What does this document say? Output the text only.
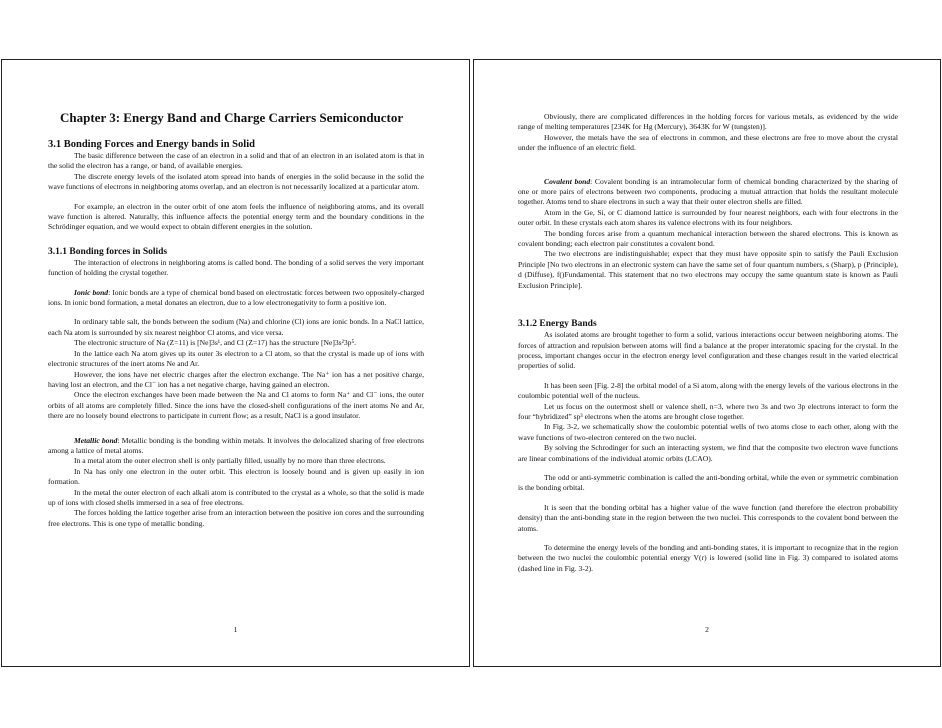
Chapter 3: Energy Band and Charge Carriers Semiconductor
3.1 Bonding Forces and Energy bands in Solid

The basic difference between the case of an electron in a solid and that of an electron in an isolated atom is that in the solid the electron has a range, or band, of available energies.

The discrete energy levels of the isolated atom spread into bands of energies in the solid because in the solid the wave functions of electrons in neighboring atoms overlap, and an electron is not necessarily localized at a particular atom.

For example, an electron in the outer orbit of one atom feels the influence of neighboring atoms, and its overall wave function is altered. Naturally, this influence affects the potential energy term and the boundary conditions in the Schrödinger equation, and we would expect to obtain different energies in the solution.

3.1.1 Bonding forces in Solids

The interaction of electrons in neighboring atoms is called bond. The bonding of a solid serves the very important function of holding the crystal together.

Ionic bond: Ionic bonds are a type of chemical bond based on electrostatic forces between two oppositely-charged ions. In ionic bond formation, a metal donates an electron, due to a low electronegativity to form a positive ion.

In ordinary table salt, the bonds between the sodium (Na) and chlorine (Cl) ions are ionic bonds. In a NaCl lattice, each Na atom is surrounded by six nearest neighbor Cl atoms, and vice versa.

The electronic structure of Na (Z=11) is [Ne]3s¹, and Cl (Z=17) has the structure [Ne]3s²3p⁵.

In the lattice each Na atom gives up its outer 3s electron to a Cl atom, so that the crystal is made up of ions with electronic structures of the inert atoms Ne and Ar.

However, the ions have net electric charges after the electron exchange. The Na⁺ ion has a net positive charge, having lost an electron, and the Cl⁻ ion has a net negative charge, having gained an electron.

Once the electron exchanges have been made between the Na and Cl atoms to form Na⁺ and Cl⁻ ions, the outer orbits of all atoms are completely filled. Since the ions have the closed-shell configurations of the inert atoms Ne and Ar, there are no loosely bound electrons to participate in current flow; as a result, NaCl is a good insulator.

Metallic bond: Metallic bonding is the bonding within metals. It involves the delocalized sharing of free electrons among a lattice of metal atoms.

In a metal atom the outer electron shell is only partially filled, usually by no more than three electrons.

In Na has only one electron in the outer orbit. This electron is loosely bound and is given up easily in ion formation.

In the metal the outer electron of each alkali atom is contributed to the crystal as a whole, so that the solid is made up of ions with closed shells immersed in a sea of free electrons.

The forces holding the lattice together arise from an interaction between the positive ion cores and the surrounding free electrons. This is one type of metallic bonding.

1

Obviously, there are complicated differences in the holding forces for various metals, as evidenced by the wide range of melting temperatures [234K for Hg (Mercury), 3643K for W (tungsten)].

However, the metals have the sea of electrons in common, and these electrons are free to move about the crystal under the influence of an electric field.

Covalent bond: Covalent bonding is an intramolecular form of chemical bonding characterized by the sharing of one or more pairs of electrons between two components, producing a mutual attraction that holds the resultant molecule together. Atoms tend to share electrons in such a way that their outer electron shells are filled.

Atom in the Ge, Si, or C diamond lattice is surrounded by four nearest neighbors, each with four electrons in the outer orbit. In these crystals each atom shares its valence electrons with its four neighbors.

The bonding forces arise from a quantum mechanical interaction between the shared electrons. This is known as covalent bonding; each electron pair constitutes a covalent bond.

The two electrons are indistinguishable; expect that they must have opposite spin to satisfy the Pauli Exclusion Principle [No two electrons in an electronic system can have the same set of four quantum numbers, s (Sharp), p (Principle), d (Diffuse), f()Fundamental. This statement that no two electrons may occupy the same quantum state is known as Pauli Exclusion Principle].

3.1.2 Energy Bands

As isolated atoms are brought together to form a solid, various interactions occur between neighboring atoms. The forces of attraction and repulsion between atoms will find a balance at the proper interatomic spacing for the crystal. In the process, important changes occur in the electron energy level configuration and these changes result in the varied electrical properties of solid.

It has been seen [Fig. 2-8] the orbital model of a Si atom, along with the energy levels of the various electrons in the coulombic potential well of the nucleus.

Let us focus on the outermost shell or valence shell, n=3, where two 3s and two 3p electrons interact to form the four “hybridized” sp³ electrons when the atoms are brought close together.

In Fig. 3-2, we schematically show the coulombic potential wells of two atoms close to each other, along with the wave functions of two-electron centered on the two nuclei.

By solving the Schrodinger for such an interacting system, we find that the composite two electron wave functions are linear combinations of the individual atomic orbits (LCAO).

The odd or anti-symmetric combination is called the anti-bonding orbital, while the even or symmetric combination is the bonding orbital.

It is seen that the bonding orbital has a higher value of the wave function (and therefore the electron probability density) than the anti-bonding state in the region between the two nuclei. This corresponds to the covalent bond between the atoms.

To determine the energy levels of the bonding and anti-bonding states, it is important to recognize that in the region between the two nuclei the coulombic potential energy V(r) is lowered (solid line in Fig. 3) compared to isolated atoms (dashed line in Fig. 3-2).

2
